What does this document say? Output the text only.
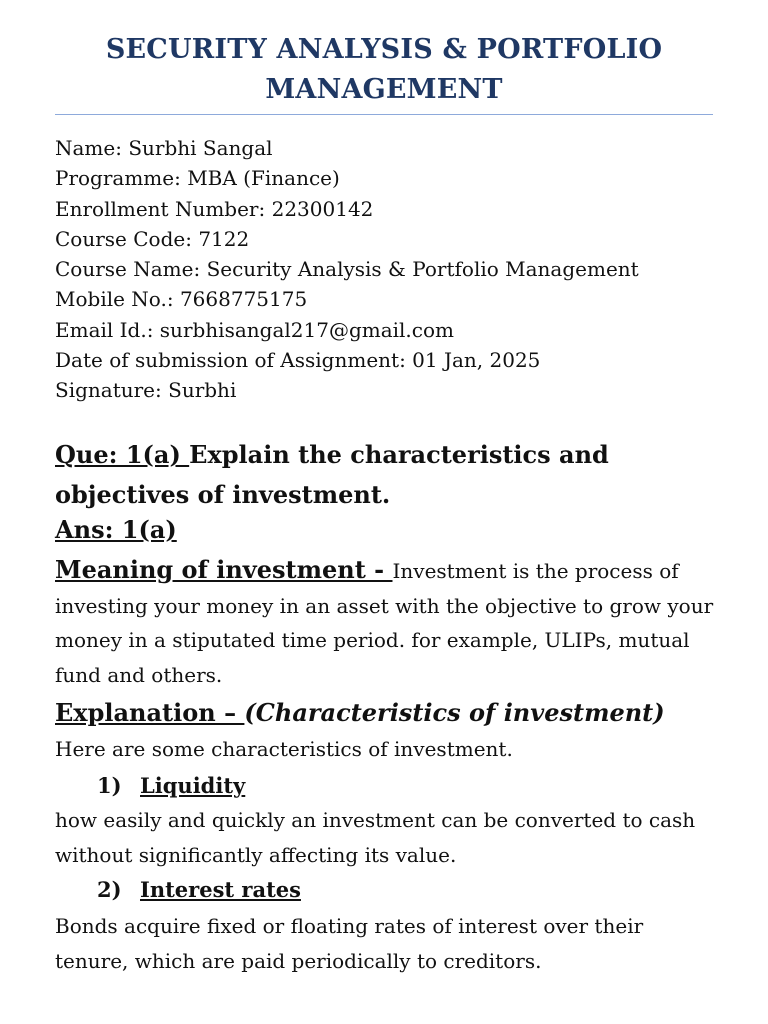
SECURITY ANALYSIS & PORTFOLIO
MANAGEMENT
Name: Surbhi Sangal
Programme: MBA (Finance)
Enrollment Number: 22300142
Course Code: 7122
Course Name: Security Analysis & Portfolio Management
Mobile No.: 7668775175
Email Id.: surbhisangal217@gmail.com
Date of submission of Assignment: 01 Jan, 2025
Signature: Surbhi
Que: 1(a) Explain the characteristics and objectives of investment.
Ans: 1(a)
Meaning of investment - Investment is the process of investing your money in an asset with the objective to grow your money in a stiputated time period. for example, ULIPs, mutual fund and others.
Explanation – (Characteristics of investment)
Here are some characteristics of investment.
1) Liquidity
how easily and quickly an investment can be converted to cash without significantly affecting its value.
2) Interest rates
Bonds acquire fixed or floating rates of interest over their tenure, which are paid periodically to creditors.
